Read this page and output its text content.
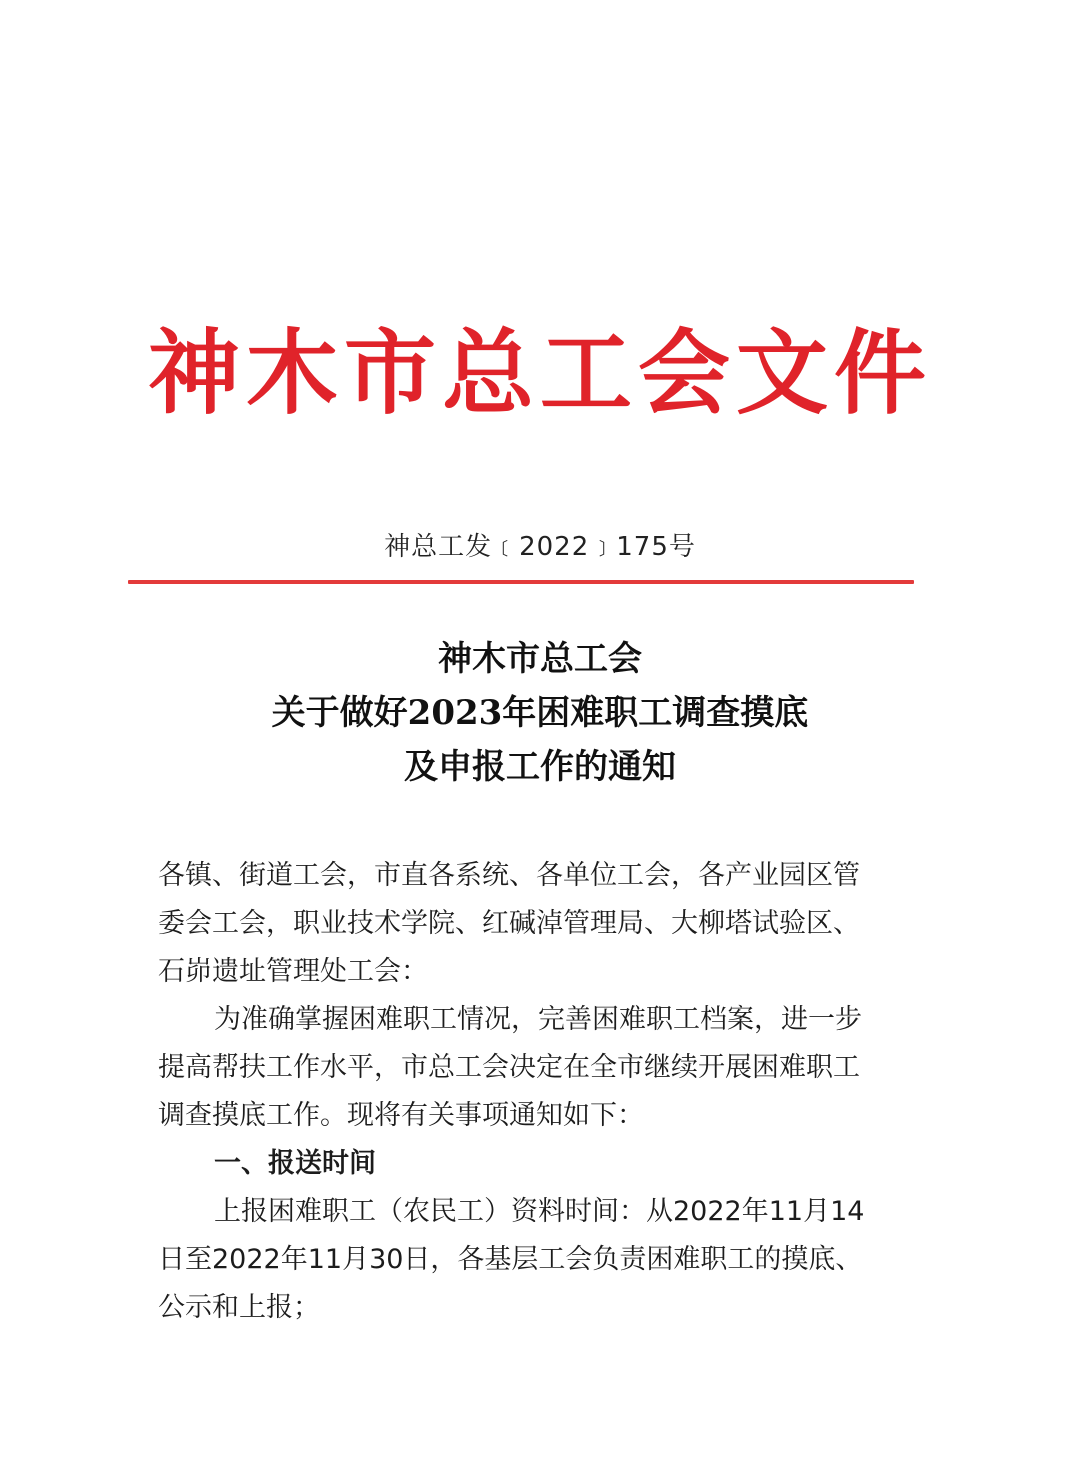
神木市总工会文件
神总工发﹝2022﹞175号
神木市总工会
关于做好2023年困难职工调查摸底
及申报工作的通知
各镇、街道工会，市直各系统、各单位工会，各产业园区管
委会工会，职业技术学院、红碱淖管理局、大柳塔试验区、
石峁遗址管理处工会：
为准确掌握困难职工情况，完善困难职工档案，进一步
提高帮扶工作水平，市总工会决定在全市继续开展困难职工
调查摸底工作。现将有关事项通知如下：
一、报送时间
上报困难职工（农民工）资料时间：从2022年11月14
日至2022年11月30日，各基层工会负责困难职工的摸底、
公示和上报；
